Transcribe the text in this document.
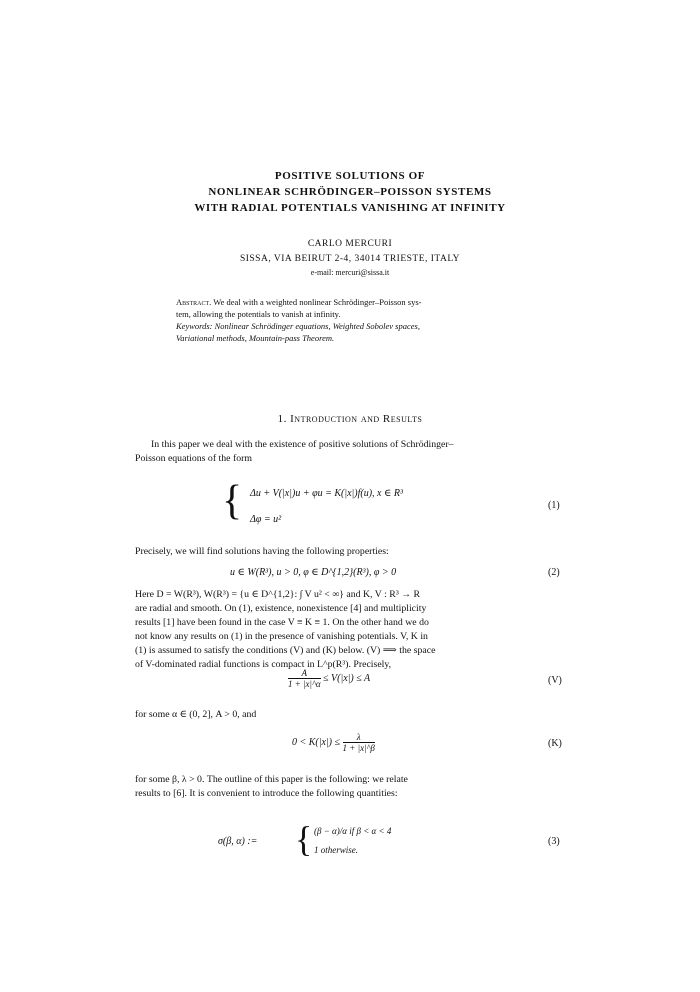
POSITIVE SOLUTIONS OF
NONLINEAR SCHRÖDINGER–POISSON SYSTEMS
WITH RADIAL POTENTIALS VANISHING AT INFINITY
CARLO MERCURI
SISSA, VIA BEIRUT 2-4, 34014 TRIESTE, ITALY
e-mail: mercuri@sissa.it

Abstract. We deal with a weighted nonlinear Schrödinger–Poisson sys-

tem, allowing the potentials to vanish at infinity.

Keywords: Nonlinear Schrödinger equations, Weighted Sobolev spaces,

Variational methods, Mountain-pass Theorem.

1. Introduction and Results

In this paper we deal with the existence of positive solutions of Schrödinger–

Poisson equations of the form

{ Δu + V(|x|)u + φu = K(|x|)f(u), x ∈ R³
Δφ = u²
(1)

Precisely, we will find solutions having the following properties:

u ∈ W(R³), u > 0, φ ∈ D^{1,2}(R³), φ > 0	(2)

Here D = W(R³), W(R³) = {u ∈ D^{1,2}: ∫ V u² < ∞} and K, V : R³ → R

are radial and smooth. On (1), existence, nonexistence [4] and multiplicity

results [1] have been found in the case V ≡ K ≡ 1. On the other hand we do

not know any results on (1) in the presence of vanishing potentials. V, K in

(1) is assumed to satisfy the conditions (V) and (K) below. (V) ⟹ the space

of V-dominated radial functions is compact in L^p(R³). Precisely,

$\frac{A}{1 + |x|\^{}\alpha} \le V(|x|) \le A$	(V)

for some α ∈ (0, 2], A > 0, and

$0 < K(|x|) \le \frac{\lambda}{1 + |x|\^{}\beta}$	(K)

for some β, λ > 0. The outline of this paper is the following: we relate

results to [6]. It is convenient to introduce the following quantities:

σ(β, α) := { (β − α)/α if β < α < 4
1 otherwise.
(3)
